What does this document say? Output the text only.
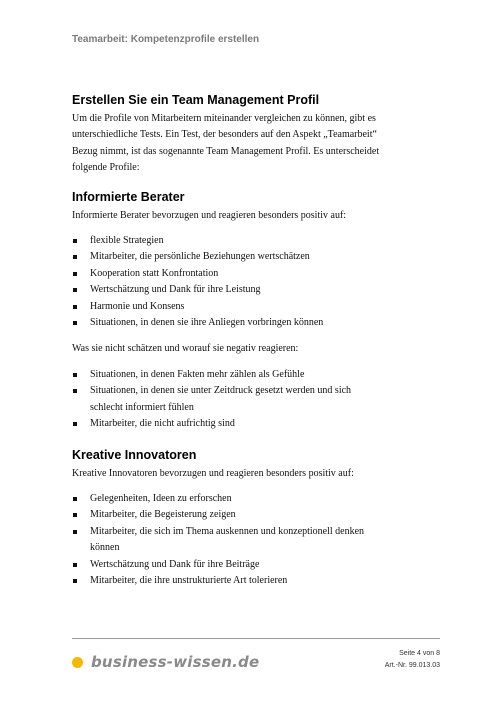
Teamarbeit: Kompetenzprofile erstellen
Erstellen Sie ein Team Management Profil

Um die Profile von Mitarbeitern miteinander vergleichen zu können, gibt es
unterschiedliche Tests. Ein Test, der besonders auf den Aspekt „Teamarbeit“
Bezug nimmt, ist das sogenannte Team Management Profil. Es unterscheidet
folgende Profile:

Informierte Berater

Informierte Berater bevorzugen und reagieren besonders positiv auf:

flexible Strategien
Mitarbeiter, die persönliche Beziehungen wertschätzen
Kooperation statt Konfrontation
Wertschätzung und Dank für ihre Leistung
Harmonie und Konsens
Situationen, in denen sie ihre Anliegen vorbringen können

Was sie nicht schätzen und worauf sie negativ reagieren:

Situationen, in denen Fakten mehr zählen als Gefühle
Situationen, in denen sie unter Zeitdruck gesetzt werden und sich
schlecht informiert fühlen
Mitarbeiter, die nicht aufrichtig sind
Kreative Innovatoren

Kreative Innovatoren bevorzugen und reagieren besonders positiv auf:

Gelegenheiten, Ideen zu erforschen
Mitarbeiter, die Begeisterung zeigen
Mitarbeiter, die sich im Thema auskennen und konzeptionell denken
können
Wertschätzung und Dank für ihre Beiträge
Mitarbeiter, die ihre unstrukturierte Art tolerieren
business-wissen.de	Seite 4 von 8
Art.-Nr. 99.013.03
